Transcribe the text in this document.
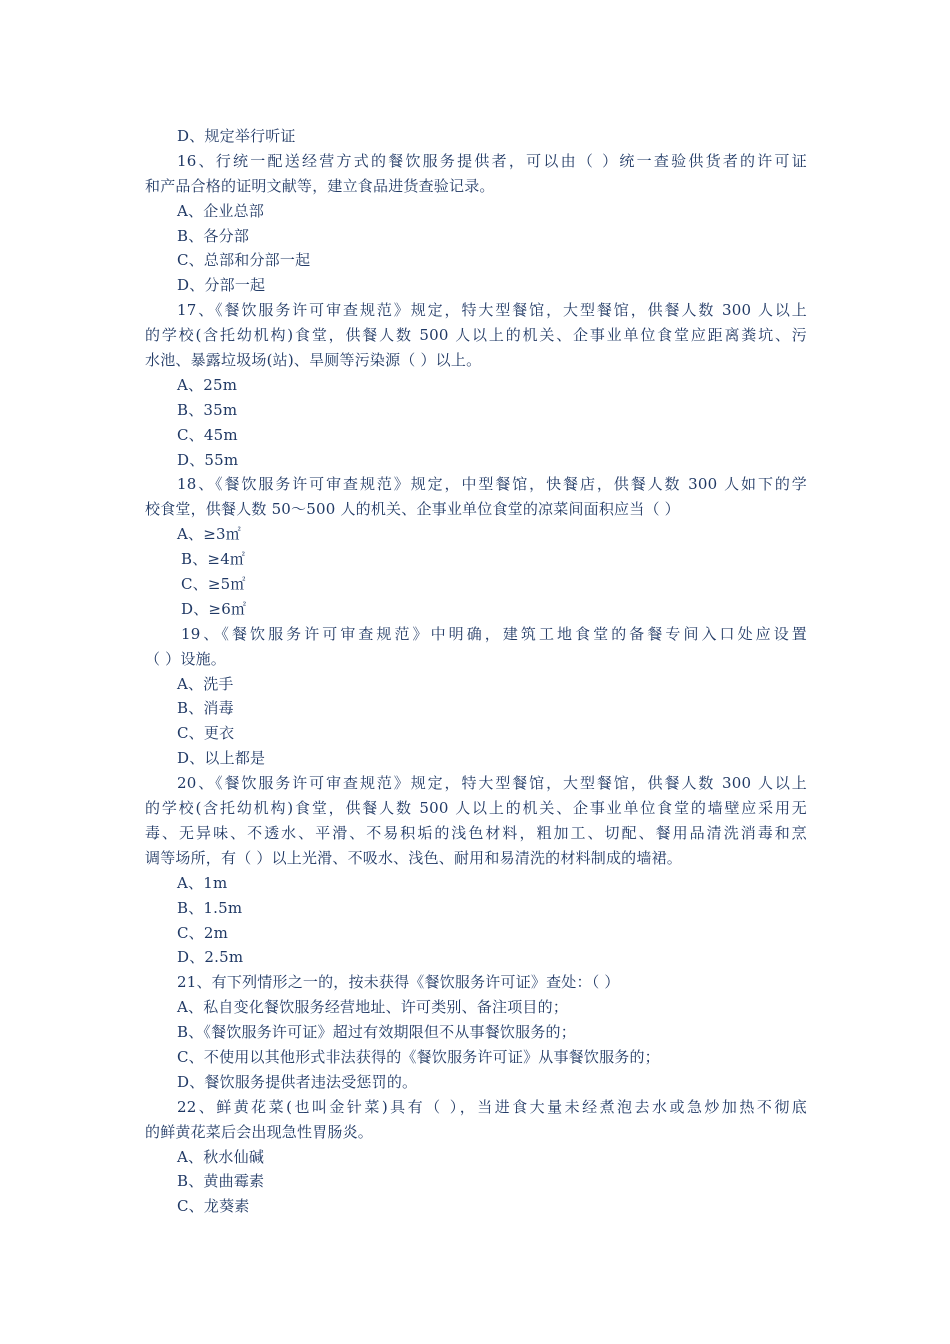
D、规定举行听证
16、行统一配送经营方式的餐饮服务提供者，可以由（ ）统一查验供货者的许可证
和产品合格的证明文献等，建立食品进货查验记录。
A、企业总部
B、各分部
C、总部和分部一起
D、分部一起
17、《餐饮服务许可审查规范》规定，特大型餐馆，大型餐馆，供餐人数 300 人以上
的学校(含托幼机构)食堂，供餐人数 500 人以上的机关、企事业单位食堂应距离粪坑、污
水池、暴露垃圾场(站)、旱厕等污染源（ ）以上。
A、25m
B、35m
C、45m
D、55m
18、《餐饮服务许可审查规范》规定，中型餐馆，快餐店，供餐人数 300 人如下的学
校食堂，供餐人数 50～500 人的机关、企事业单位食堂的凉菜间面积应当（ ）
A、≥3㎡
B、≥4㎡
C、≥5㎡
D、≥6㎡
19、《餐饮服务许可审查规范》中明确，建筑工地食堂的备餐专间入口处应设置
（ ）设施。
A、洗手
B、消毒
C、更衣
D、以上都是
20、《餐饮服务许可审查规范》规定，特大型餐馆，大型餐馆，供餐人数 300 人以上
的学校(含托幼机构)食堂，供餐人数 500 人以上的机关、企事业单位食堂的墙壁应采用无
毒、无异味、不透水、平滑、不易积垢的浅色材料，粗加工、切配、餐用品清洗消毒和烹
调等场所，有（ ）以上光滑、不吸水、浅色、耐用和易清洗的材料制成的墙裙。
A、1m
B、1.5m
C、2m
D、2.5m
21、有下列情形之一的，按未获得《餐饮服务许可证》查处：（ ）
A、私自变化餐饮服务经营地址、许可类别、备注项目的；
B、《餐饮服务许可证》超过有效期限但不从事餐饮服务的；
C、不使用以其他形式非法获得的《餐饮服务许可证》从事餐饮服务的；
D、餐饮服务提供者违法受惩罚的。
22、鲜黄花菜(也叫金针菜)具有（ ），当进食大量未经煮泡去水或急炒加热不彻底
的鲜黄花菜后会出现急性胃肠炎。
A、秋水仙碱
B、黄曲霉素
C、龙葵素
